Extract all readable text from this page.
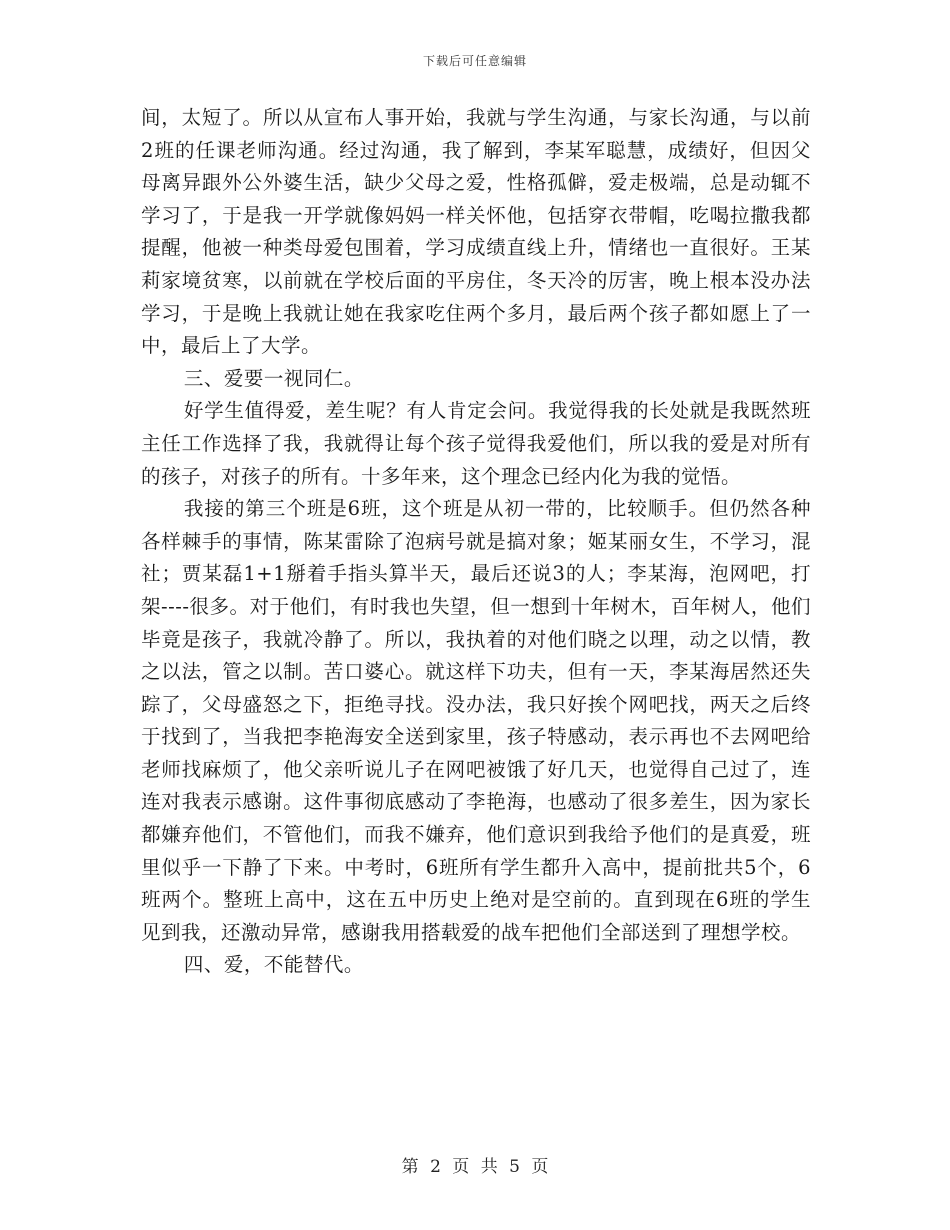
下载后可任意编辑

间，太短了。所以从宣布人事开始，我就与学生沟通，与家长沟通，与以前2班的任课老师沟通。经过沟通，我了解到，李某军聪慧，成绩好，但因父母离异跟外公外婆生活，缺少父母之爱，性格孤僻，爱走极端，总是动辄不学习了，于是我一开学就像妈妈一样关怀他，包括穿衣带帽，吃喝拉撒我都提醒，他被一种类母爱包围着，学习成绩直线上升，情绪也一直很好。王某莉家境贫寒，以前就在学校后面的平房住，冬天冷的厉害，晚上根本没办法学习，于是晚上我就让她在我家吃住两个多月，最后两个孩子都如愿上了一中，最后上了大学。

三、爱要一视同仁。

好学生值得爱，差生呢？有人肯定会问。我觉得我的长处就是我既然班主任工作选择了我，我就得让每个孩子觉得我爱他们，所以我的爱是对所有的孩子，对孩子的所有。十多年来，这个理念已经内化为我的觉悟。

我接的第三个班是6班，这个班是从初一带的，比较顺手。但仍然各种各样棘手的事情，陈某雷除了泡病号就是搞对象；姬某丽女生，不学习，混社；贾某磊1+1掰着手指头算半天，最后还说3的人；李某海，泡网吧，打架----很多。对于他们，有时我也失望，但一想到十年树木，百年树人，他们毕竟是孩子，我就冷静了。所以，我执着的对他们晓之以理，动之以情，教之以法，管之以制。苦口婆心。就这样下功夫，但有一天，李某海居然还失踪了，父母盛怒之下，拒绝寻找。没办法，我只好挨个网吧找，两天之后终于找到了，当我把李艳海安全送到家里，孩子特感动，表示再也不去网吧给老师找麻烦了，他父亲听说儿子在网吧被饿了好几天，也觉得自己过了，连连对我表示感谢。这件事彻底感动了李艳海，也感动了很多差生，因为家长都嫌弃他们，不管他们，而我不嫌弃，他们意识到我给予他们的是真爱，班里似乎一下静了下来。中考时，6班所有学生都升入高中，提前批共5个，6班两个。整班上高中，这在五中历史上绝对是空前的。直到现在6班的学生见到我，还激动异常，感谢我用搭载爱的战车把他们全部送到了理想学校。

四、爱，不能替代。

第 2 页 共 5 页
